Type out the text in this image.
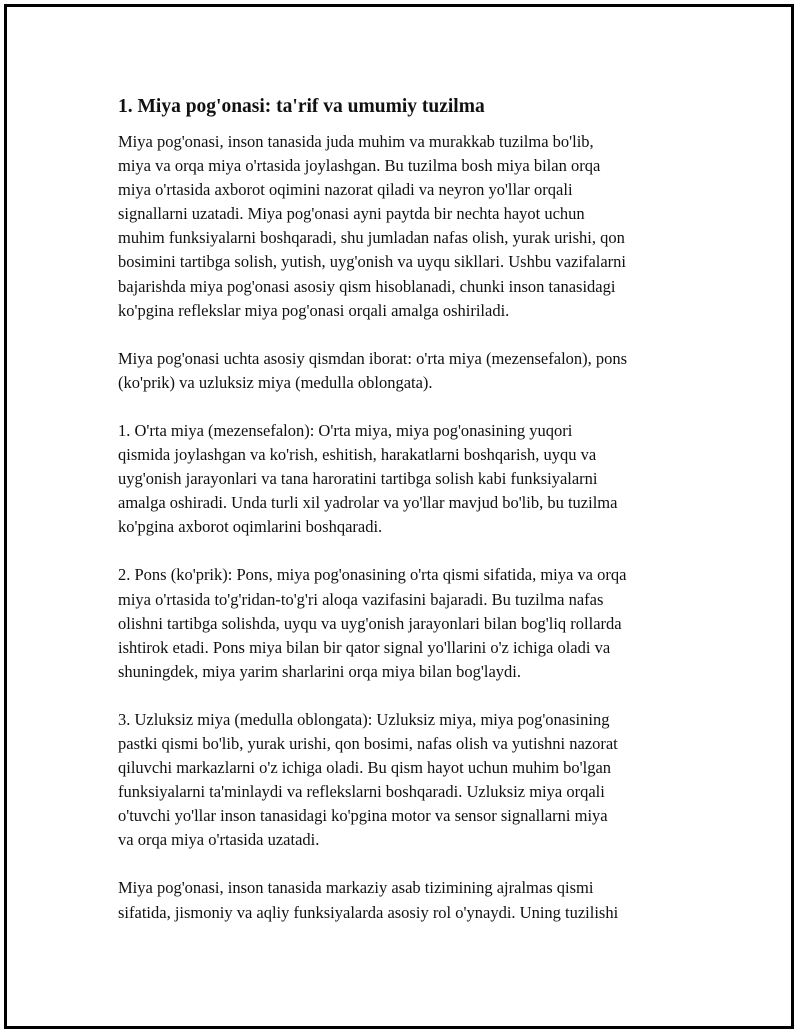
1. Miya pog'onasi: ta'rif va umumiy tuzilma
Miya pog'onasi, inson tanasida juda muhim va murakkab tuzilma bo'lib,
miya va orqa miya o'rtasida joylashgan. Bu tuzilma bosh miya bilan orqa
miya o'rtasida axborot oqimini nazorat qiladi va neyron yo'llar orqali
signallarni uzatadi. Miya pog'onasi ayni paytda bir nechta hayot uchun
muhim funksiyalarni boshqaradi, shu jumladan nafas olish, yurak urishi, qon
bosimini tartibga solish, yutish, uyg'onish va uyqu sikllari. Ushbu vazifalarni
bajarishda miya pog'onasi asosiy qism hisoblanadi, chunki inson tanasidagi
ko'pgina reflekslar miya pog'onasi orqali amalga oshiriladi.
Miya pog'onasi uchta asosiy qismdan iborat: o'rta miya (mezensefalon), pons
(ko'prik) va uzluksiz miya (medulla oblongata).
1. O'rta miya (mezensefalon): O'rta miya, miya pog'onasining yuqori
qismida joylashgan va ko'rish, eshitish, harakatlarni boshqarish, uyqu va
uyg'onish jarayonlari va tana haroratini tartibga solish kabi funksiyalarni
amalga oshiradi. Unda turli xil yadrolar va yo'llar mavjud bo'lib, bu tuzilma
ko'pgina axborot oqimlarini boshqaradi.
2. Pons (ko'prik): Pons, miya pog'onasining o'rta qismi sifatida, miya va orqa
miya o'rtasida to'g'ridan-to'g'ri aloqa vazifasini bajaradi. Bu tuzilma nafas
olishni tartibga solishda, uyqu va uyg'onish jarayonlari bilan bog'liq rollarda
ishtirok etadi. Pons miya bilan bir qator signal yo'llarini o'z ichiga oladi va
shuningdek, miya yarim sharlarini orqa miya bilan bog'laydi.
3. Uzluksiz miya (medulla oblongata): Uzluksiz miya, miya pog'onasining
pastki qismi bo'lib, yurak urishi, qon bosimi, nafas olish va yutishni nazorat
qiluvchi markazlarni o'z ichiga oladi. Bu qism hayot uchun muhim bo'lgan
funksiyalarni ta'minlaydi va reflekslarni boshqaradi. Uzluksiz miya orqali
o'tuvchi yo'llar inson tanasidagi ko'pgina motor va sensor signallarni miya
va orqa miya o'rtasida uzatadi.
Miya pog'onasi, inson tanasida markaziy asab tizimining ajralmas qismi
sifatida, jismoniy va aqliy funksiyalarda asosiy rol o'ynaydi. Uning tuzilishi
